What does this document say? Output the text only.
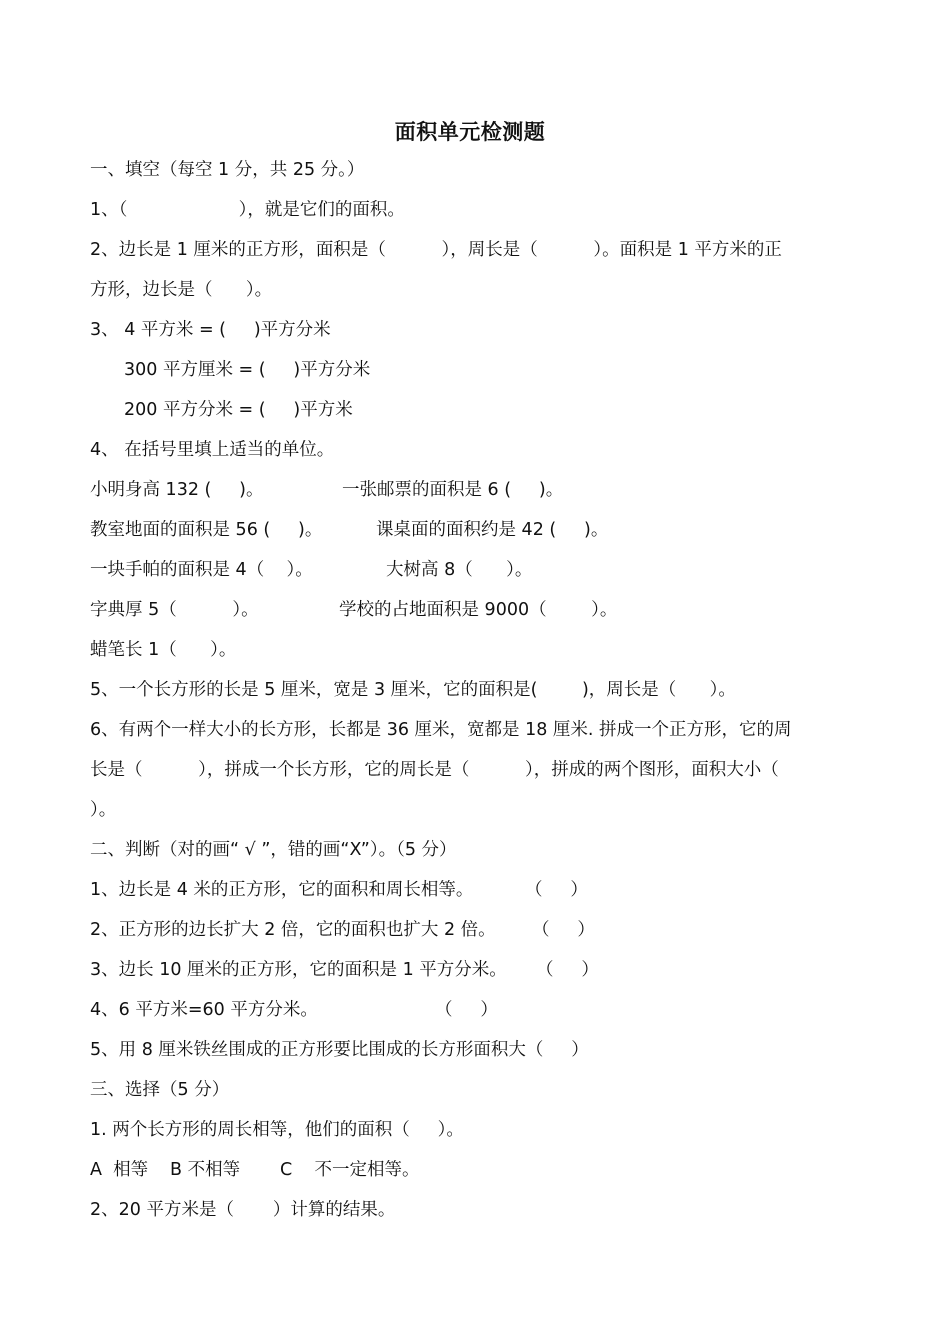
面积单元检测题
一、填空（每空 1 分，共 25 分。）
1、（                    ），就是它们的面积。
2、边长是 1 厘米的正方形，面积是（          ），周长是（          ）。面积是 1 平方米的正
方形，边长是（      ）。
3、 4 平方米 = (     )平方分米
300 平方厘米 = (     )平方分米
200 平方分米 = (     )平方米
4、 在括号里填上适当的单位。
小明身高 132 (     )。	一张邮票的面积是 6 (     )。
教室地面的面积是 56 (     )。	课桌面的面积约是 42 (     )。
一块手帕的面积是 4（    ）。	大树高 8（      ）。
字典厚 5（          ）。	学校的占地面积是 9000（        ）。
蜡笔长 1（      ）。
5、一个长方形的长是 5 厘米，宽是 3 厘米，它的面积是(        )，周长是（      ）。
6、有两个一样大小的长方形，长都是 36 厘米，宽都是 18 厘米. 拼成一个正方形，它的周
长是（          ），拼成一个长方形，它的周长是（          ），拼成的两个图形，面积大小（
）。
二、判断（对的画“ √ ”，错的画“X”）。（5 分）
1、边长是 4 米的正方形，它的面积和周长相等。	（     ）
2、正方形的边长扩大 2 倍，它的面积也扩大 2 倍。	（     ）
3、边长 10 厘米的正方形，它的面积是 1 平方分米。	（     ）
4、6 平方米=60 平方分米。	（     ）
5、用 8 厘米铁丝围成的正方形要比围成的长方形面积大（     ）
三、选择（5 分）
1. 两个长方形的周长相等，他们的面积（     ）。
A  相等	B 不相等	C    不一定相等。
2、20 平方米是（       ）计算的结果。
